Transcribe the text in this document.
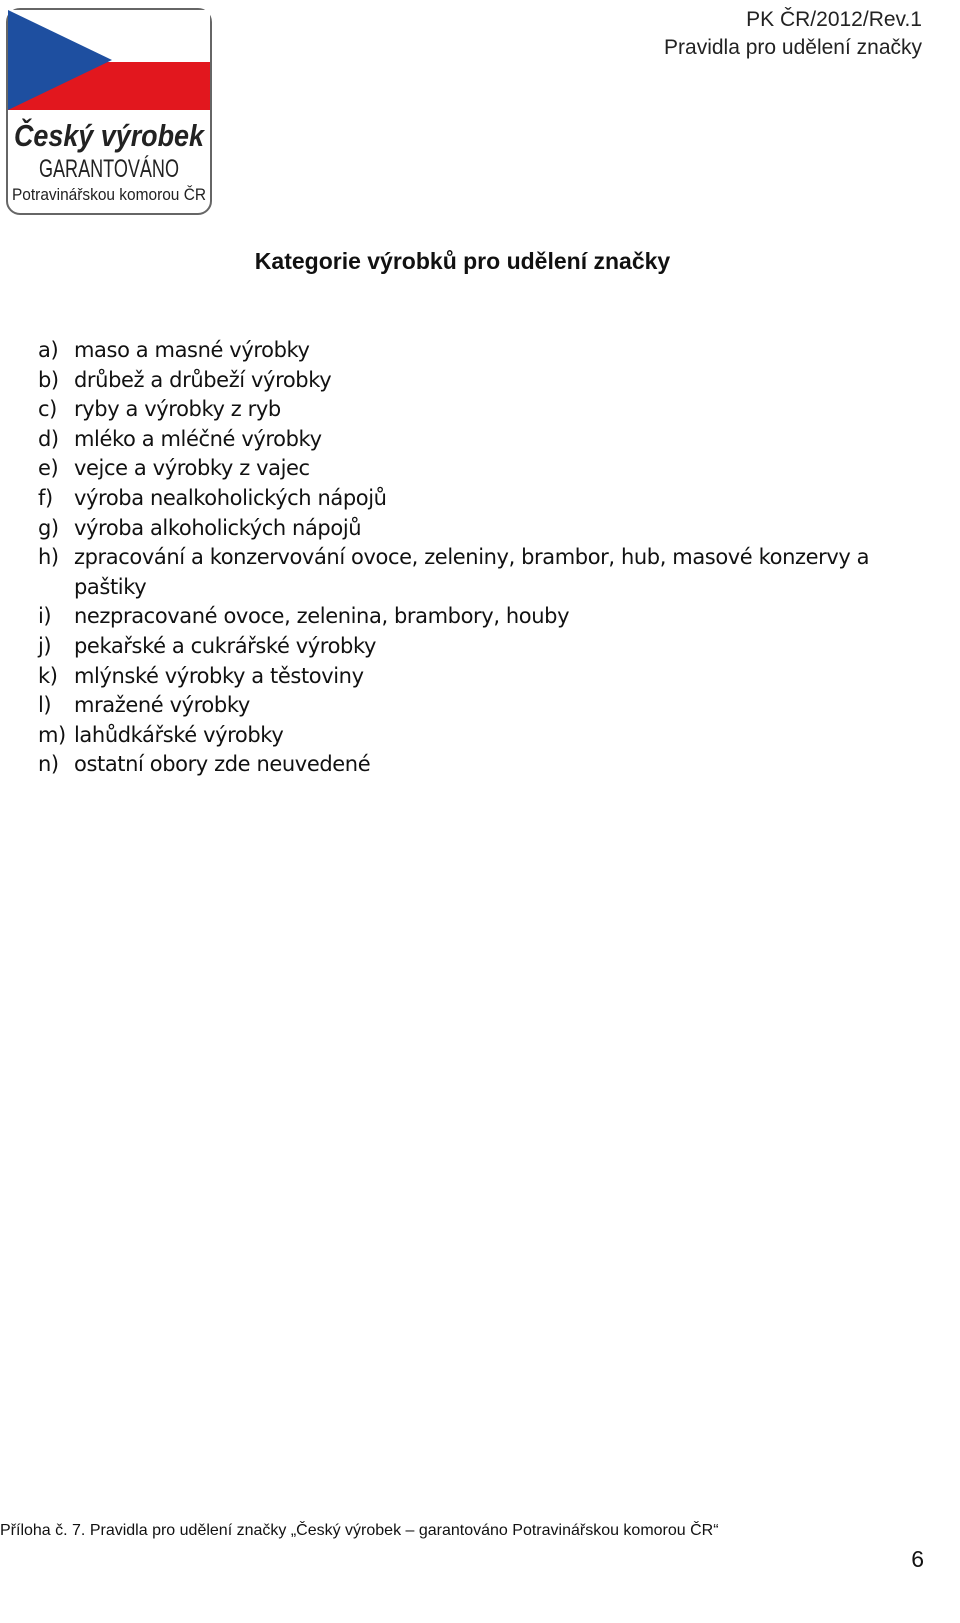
Český výrobek
GARANTOVÁNO
Potravinářskou komorou ČR
PK ČR/2012/Rev.1
Pravidla pro udělení značky
Kategorie výrobků pro udělení značky
a) maso a masné výrobky
b) drůbež a drůbeží výrobky
c) ryby a výrobky z ryb
d) mléko a mléčné výrobky
e) vejce a výrobky z vajec
f)	výroba nealkoholických nápojů
g) výroba alkoholických nápojů
h) zpracování a konzervování ovoce, zeleniny, brambor, hub, masové konzervy a paštiky
i)	nezpracované ovoce, zelenina, brambory, houby
j)	pekařské a cukrářské výrobky
k) mlýnské výrobky a těstoviny
l)	mražené výrobky
m) lahůdkářské výrobky
n) ostatní obory zde neuvedené
Příloha č. 7. Pravidla pro udělení značky „Český výrobek – garantováno Potravinářskou komorou ČR“
6
